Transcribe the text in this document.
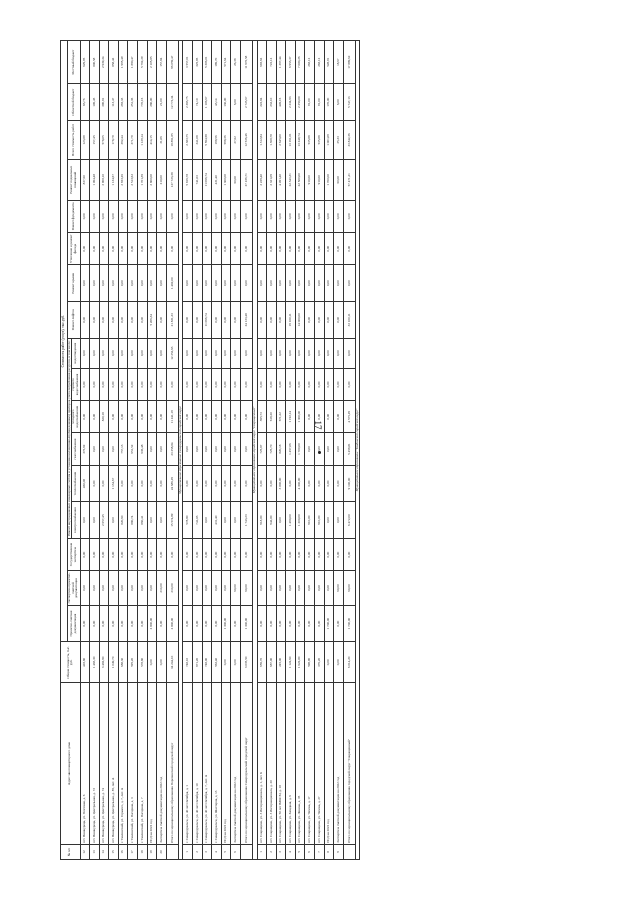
17
№ п/п	Адрес многоквартирного дома	Общая стоимость, тыс. руб.	Стоимость работ (услуг), тыс.руб.																
			Проектно-сметная документация	Экспертиза проектно-сметной документации	Государственная экспертиза	Ремонт внутридомовых инженерных систем и установка коллективных(общедомовых) приборов учета потребления ресурсов, в том числе:						Ремонт лифтов	Ремонт крыши	Утепление и ремонт фасада	Ремонт фундамента	Ремонт подвальных помещений	Всего стоимость работ	Областной бюджет	Местный бюджет
						электроснабжения	теплоснабжения	газоснабжения	холодного водоснабжения	горячего водоснабжения	водоотведения								
12	пгт. Вишкурецк, ул. Почтовая, д. 6	418,80	0,00	0,00	0,00	0,00	460,08	376,92	0,00	0,00	0,00	0,00	0,00	0,00	0,00	837,60	123,89	83,76	629,95
13	пгт. Вишкурецк, ул. Центральная, д. 72	1 483,30	0,00	0,00	0,00	0,00	0,00	0,00	0,00	0,00	0,00	0,00	0,00	0,00	0,00	1 064,48	157,45	106,45	800,58
14	пгт. Вишкурецк, ул. Центральная, д. 74	3 482,90	0,00	0,00	0,00	2 657,45	0,00	0,00	820,18	0,00	0,00	0,00	0,00	0,00	0,00	3 908,10	578,05	390,81	2 939,24
15	пгт. Вишкурецк, ул. Центральная, д. 85, лит. А	1 049,70	0,00	0,00	0,00	0,00	1 134,67	0,00	0,00	0,00	0,00	0,00	0,00	0,00	0,00	1 134,67	178,79	113,47	858,42
16	г. Тавлинский, ул. Горького, д. 7, лит. А	688,30	0,00	0,00	0,00	820,60	0,00	757,13	0,00	0,00	0,00	0,00	0,00	0,00	0,00	2 653,26	392,44	265,33	1 995,49
17	г. Тавлинский, ул. Нагорная, д. 3	595,20	0,00	0,00	0,00	880,74	0,00	651,52	0,00	0,00	0,00	0,00	0,00	0,00	0,00	2 513,62	371,79	251,36	1 890,47
18	г. Тавлинский, ул. Нагорная, д. 7	578,80	0,00	0,00	0,00	860,41	0,00	636,48	0,00	0,00	0,00	0,00	0,00	0,00	0,00	1 701,39	1 129,14	770,16	5 792,29
19	ПСД на 2022 год	0,00	2 800,00	0,00	0,00	0,00	0,00	0,00	0,00	0,00	0,00	5 206,34	0,00	0,00	0,00	2 800,00	414,15	280,00	2 105,85
20	Экспертиза сметной документации на 2022 год	0,00	0,00	210,00	0,00	0,00	0,00	0,00	0,00	0,00	0,00	0,00	0,00	0,00	0,00	210,00	31,06	21,00	157,94
	Итого по муниципальному образованию Поречинский городской округ	34 244,10	2 800,00	210,00	0,00	15 574,89	24 686,29	23 258,84	11 241,19	0,00	12 252,63	21 831,33	1 482,00	0,00	0,00	127 723,38	18 891,85	12 772,34	96 059,47
Муниципальное образование Североуральский городской округ																			
1	г. Североуральск, ул. 40 лет Октября, д. 1	748,10	0,00	0,00	0,00	578,80	0,00	0,00	0,00	0,00	0,00	0,00	0,00	0,00	0,00	5 816,78	2 383,75	2 383,75	3 557,01
2	г. Североуральск, ул. 40 лет Октября, д. 10	971,20	0,00	0,00	0,00	741,03	0,00	0,00	0,00	0,00	0,00	0,00	0,00	0,00	0,00	741,03	341,08	74,10	325,85
3	г. Североуральск, ул. 40 лет Октября, д. 7, лит. А	748,00	0,00	0,00	0,00	0,00	0,00	0,00	0,00	0,00	0,00	11 066,74	0,00	0,00	0,00	11 066,74	5 594,58	1 106,67	5 306,01
4	г. Североуральск, ул. Шахтеров, д. 13	563,40	0,00	0,00	0,00	431,40	0,00	0,00	0,00	0,00	0,00	0,00	0,00	0,00	0,00	431,40	198,56	43,14	189,70
5	ПСД на 2022 год	0,00	1 300,00	0,00	0,00	0,00	0,00	0,00	0,00	0,00	0,00	0,00	0,00	0,00	0,00	1 300,00	598,36	130,00	571,64
6	Экспертиза сметной документации на 2022 год	0,00	0,00	60,00	0,00	0,00	0,00	0,00	0,00	0,00	0,00	0,00	0,00	0,00	0,00	60,00	27,62	6,00	26,38
	Итого по муниципальному образованию Североуральский городской округ	3 035,50	1 300,00	60,00	0,00	1 743,23	0,00	0,00	0,00	0,00	0,00	24 133,48	0,00	0,00	0,00	27 236,71	12 536,46	2 723,67	11 976,58
Муниципальное образование городской округ "Сокращенный"																			
1	пгт. Сокращенн, ул. 3 Интернационала, д. 1, лит. Б	659,70	0,00	0,00	0,00	918,00	0,00	725,87	395,73	0,00	0,00	0,00	0,00	0,00	0,00	2 229,40	1 312,84	222,94	693,62
2	пгт. Сокращенн, ул. 3 Интернационала, д. 20	687,00	0,00	0,00	0,00	942,00	0,00	725,70	618,20	0,00	0,00	0,00	0,00	0,00	0,00	2 321,09	1 368,78	232,10	722,12
3	пгт. Сокращенн, ул. 50 лет ВЛКСМ, д. 18	245,00	0,00	0,00	0,00	0,00	3 000,00	820,18	671,22	0,00	0,00	0,00	0,00	0,00	0,00	4 491,40	2 645,00	449,16	1 397,44
4	пгт. Сокращенн, ул. Западная, д. 6	1 124,60	0,00	0,00	0,00	1 490,00	0,00	1 457,06	1 192,14	0,00	0,00	19 100,11	0,00	0,00	0,00	22 343,31	13 161,01	2 234,93	6 953,37
5	пгт. Сокращенн, ул. Ленина, д. 35	1 622,00	0,00	0,00	0,00	1 200,00	4 300,00	1 700,00	1 300,00	0,00	0,00	14 000,00	0,00	0,00	0,00	22 500,00	13 249,74	2 250,00	7 000,26
6	пгт. Сокращенн, ул. Чехова, д. 17	598,90	0,00	0,00	0,00	910,00	0,00	0,00	0,00	0,00	0,00	0,00	0,00	0,00	0,00	910,00	535,88	91,00	283,12
7	пгт. Сокращенн, ул. Чехова, д. 27	376,20	0,00	0,00	0,00	910,00	0,00	0,00	0,00	0,00	0,00	0,00	0,00	0,00	0,00	910,00	535,88	91,00	283,12
8	ПСД на 2022 год	0,00	1 700,00	0,00	0,00	0,00	0,00	0,00	0,00	0,00	0,00	0,00	0,00	0,00	0,00	1 700,00	1 001,09	170,00	528,91
9	Экспертиза сметной документации на 2022 год	0,00	0,00	60,00	0,00	0,00	0,00	0,00	0,00	0,00	0,00	0,00	0,00	0,00	0,00	60,00	35,33	6,00	18,67
	Итого по муниципальному образованию городской округ "Сокращенный"	6 014,20	1 700,00	60,00	0,00	6 472,00	9 100,00	5 458,81	4 575,29	0,00	0,00	33 100,11	0,00	0,00	0,00	57 471,21	33 842,36	5 747,13	17 889,62
Муниципальное образование "Тавдинский городской округ"																			
